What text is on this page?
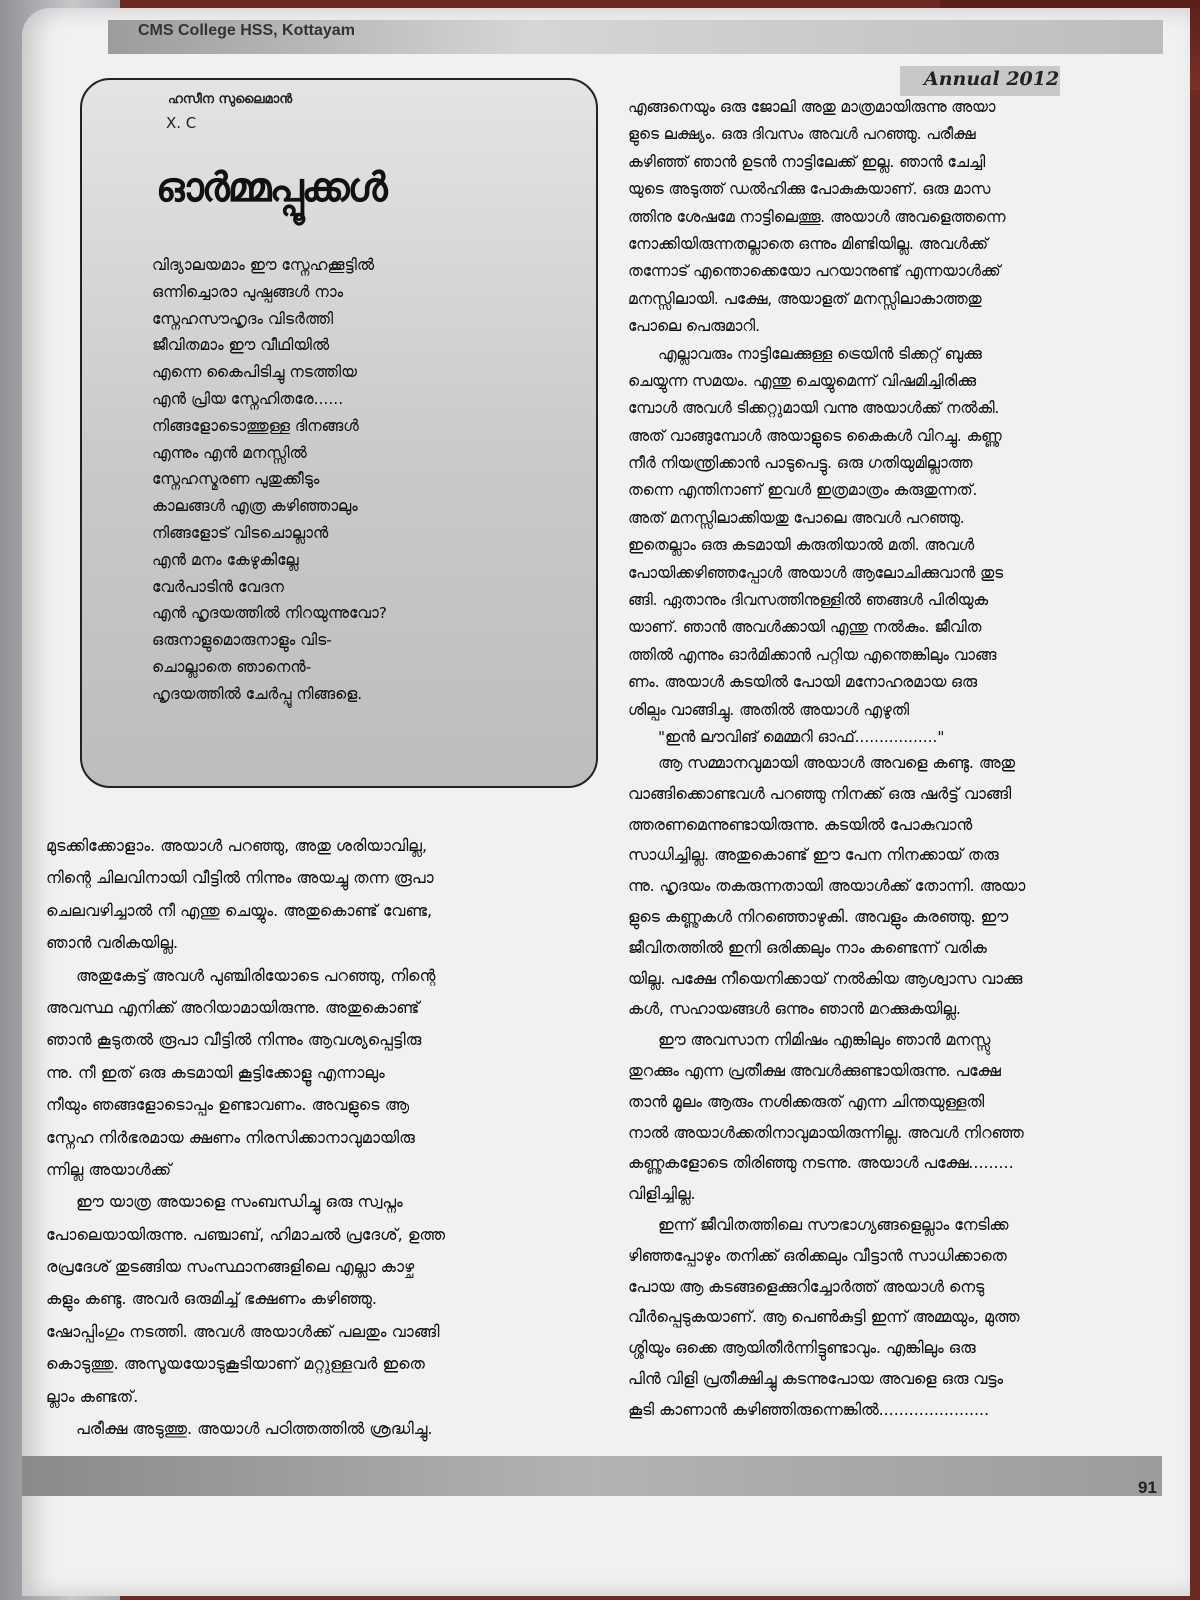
CMS College HSS, Kottayam
Annual 2012
ഹസീന സുലൈമാൻ
X. C
ഓർമ്മപ്പൂക്കൾ
വിദ്യാലയമാം ഈ സ്നേഹക്കൂട്ടിൽ
ഒന്നിച്ചൊരാ പുഷ്പങ്ങൾ നാം
സ്നേഹസൗഹൃദം വിടർത്തി
ജീവിതമാം ഈ വീഥിയിൽ
എന്നെ കൈപിടിച്ചു നടത്തിയ
എൻ പ്രിയ സ്നേഹിതരേ......
നിങ്ങളോടൊത്തുള്ള ദിനങ്ങൾ
എന്നും എൻ മനസ്സിൽ
സ്നേഹസ്മരണ പുതുക്കീടും
കാലങ്ങൾ എത്ര കഴിഞ്ഞാലും
നിങ്ങളോട് വിടചൊല്ലാൻ
എൻ മനം കേഴുകില്ലേ
വേർപാടിൻ വേദന
എൻ ഹൃദയത്തിൽ നിറയുന്നുവോ?
ഒരുനാളുമൊരുനാളും വിട-
ചൊല്ലാതെ ഞാനെൻ-
ഹൃദയത്തിൽ ചേർപ്പൂ നിങ്ങളെ.
എങ്ങനെയും ഒരു ജോലി അതു മാത്രമായിരുന്നു അയാ
ളുടെ ലക്ഷ്യം. ഒരു ദിവസം അവൾ പറഞ്ഞു. പരീക്ഷ
കഴിഞ്ഞ് ഞാൻ ഉടൻ നാട്ടിലേക്ക് ഇല്ല. ഞാൻ ചേച്ചി
യുടെ അടുത്ത് ഡൽഹിക്കു പോകുകയാണ്. ഒരു മാസ
ത്തിനു ശേഷമേ നാട്ടിലെത്തൂ. അയാൾ അവളെത്തന്നെ
നോക്കിയിരുന്നതല്ലാതെ ഒന്നും മിണ്ടിയില്ല. അവൾക്ക്
തന്നോട് എന്തൊക്കെയോ പറയാനുണ്ട് എന്നയാൾക്ക്
മനസ്സിലായി. പക്ഷേ, അയാളത് മനസ്സിലാകാത്തതു
പോലെ പെരുമാറി.
എല്ലാവരും നാട്ടിലേക്കുള്ള ട്രെയിൻ ടിക്കറ്റ് ബുക്കു
ചെയ്യുന്ന സമയം. എന്തു ചെയ്യുമെന്ന് വിഷമിച്ചിരിക്കു
മ്പോൾ അവൾ ടിക്കറ്റുമായി വന്നു അയാൾക്ക് നൽകി.
അത് വാങ്ങുമ്പോൾ അയാളുടെ കൈകൾ വിറച്ചു. കണ്ണു
നീർ നിയന്ത്രിക്കാൻ പാടുപെട്ടു. ഒരു ഗതിയുമില്ലാത്ത
തന്നെ എന്തിനാണ് ഇവൾ ഇത്രമാത്രം കരുതുന്നത്.
അത് മനസ്സിലാക്കിയതു പോലെ അവൾ പറഞ്ഞു.
ഇതെല്ലാം ഒരു കടമായി കരുതിയാൽ മതി. അവൾ
പോയിക്കഴിഞ്ഞപ്പോൾ അയാൾ ആലോചിക്കുവാൻ തുട
ങ്ങി. ഏതാനും ദിവസത്തിനുള്ളിൽ ഞങ്ങൾ പിരിയുക
യാണ്. ഞാൻ അവൾക്കായി എന്തു നൽകും. ജീവിത
ത്തിൽ എന്നും ഓർമിക്കാൻ പറ്റിയ എന്തെങ്കിലും വാങ്ങ
ണം. അയാൾ കടയിൽ പോയി മനോഹരമായ ഒരു
ശില്പം വാങ്ങിച്ചു. അതിൽ അയാൾ എഴുതി
"ഇൻ ലൗവിങ് മെമ്മറി ഓഫ്................."
ആ സമ്മാനവുമായി അയാൾ അവളെ കണ്ടു. അതു
വാങ്ങിക്കൊണ്ടവൾ പറഞ്ഞു നിനക്ക് ഒരു ഷർട്ട് വാങ്ങി
ത്തരണമെന്നുണ്ടായിരുന്നു. കടയിൽ പോകുവാൻ
സാധിച്ചില്ല. അതുകൊണ്ട് ഈ പേന നിനക്കായ് തരു
ന്നു. ഹൃദയം തകരുന്നതായി അയാൾക്ക് തോന്നി. അയാ
ളുടെ കണ്ണുകൾ നിറഞ്ഞൊഴുകി. അവളും കരഞ്ഞു. ഈ
ജീവിതത്തിൽ ഇനി ഒരിക്കലും നാം കണ്ടെന്ന് വരിക
യില്ല. പക്ഷേ നീയെനിക്കായ് നൽകിയ ആശ്വാസ വാക്കു
കൾ, സഹായങ്ങൾ ഒന്നും ഞാൻ മറക്കുകയില്ല.
ഈ അവസാന നിമിഷം എങ്കിലും ഞാൻ മനസ്സു
തുറക്കും എന്ന പ്രതീക്ഷ അവൾക്കുണ്ടായിരുന്നു. പക്ഷേ
താൻ മൂലം ആരും നശിക്കരുത് എന്ന ചിന്തയുള്ളതി
നാൽ അയാൾക്കതിനാവുമായിരുന്നില്ല. അവൾ നിറഞ്ഞ
കണ്ണുകളോടെ തിരിഞ്ഞു നടന്നു. അയാൾ പക്ഷേ.........
വിളിച്ചില്ല.
ഇന്ന് ജീവിതത്തിലെ സൗഭാഗ്യങ്ങളെല്ലാം നേടിക്ക
ഴിഞ്ഞപ്പോഴും തനിക്ക് ഒരിക്കലും വീട്ടാൻ സാധിക്കാതെ
പോയ ആ കടങ്ങളെക്കുറിച്ചോർത്ത് അയാൾ നെടു
വീർപ്പെടുകയാണ്. ആ പെൺകുട്ടി ഇന്ന് അമ്മയും, മുത്ത
ശ്ശിയും ഒക്കെ ആയിതീർന്നിട്ടുണ്ടാവും. എങ്കിലും ഒരു
പിൻ വിളി പ്രതീക്ഷിച്ചു കടന്നുപോയ അവളെ ഒരു വട്ടം
കൂടി കാണാൻ കഴിഞ്ഞിരുന്നെങ്കിൽ......................
മുടക്കിക്കോളാം. അയാൾ പറഞ്ഞു, അതു ശരിയാവില്ല,
നിന്റെ ചിലവിനായി വീട്ടിൽ നിന്നും അയച്ചു തന്ന രൂപാ
ചെലവഴിച്ചാൽ നീ എന്തു ചെയ്യും. അതുകൊണ്ട് വേണ്ട,
ഞാൻ വരികയില്ല.
അതുകേട്ട് അവൾ പുഞ്ചിരിയോടെ പറഞ്ഞു, നിന്റെ
അവസ്ഥ എനിക്ക് അറിയാമായിരുന്നു. അതുകൊണ്ട്
ഞാൻ കൂടുതൽ രൂപാ വീട്ടിൽ നിന്നും ആവശ്യപ്പെട്ടിരു
ന്നു. നീ ഇത് ഒരു കടമായി കൂട്ടിക്കോളൂ എന്നാലും
നീയും ഞങ്ങളോടൊപ്പം ഉണ്ടാവണം. അവളുടെ ആ
സ്നേഹ നിർഭരമായ ക്ഷണം നിരസിക്കാനാവുമായിരു
ന്നില്ല അയാൾക്ക്
ഈ യാത്ര അയാളെ സംബന്ധിച്ചു ഒരു സ്വപ്നം
പോലെയായിരുന്നു. പഞ്ചാബ്, ഹിമാചൽ പ്രദേശ്, ഉത്ത
രപ്രദേശ് തുടങ്ങിയ സംസ്ഥാനങ്ങളിലെ എല്ലാ കാഴ്ച
കളും കണ്ടു. അവർ ഒരുമിച്ച് ഭക്ഷണം കഴിഞ്ഞു.
ഷോപ്പിംഗും നടത്തി. അവൾ അയാൾക്ക് പലതും വാങ്ങി
കൊടുത്തു. അസൂയയോടുകൂടിയാണ് മറ്റുള്ളവർ ഇതെ
ല്ലാം കണ്ടത്.
പരീക്ഷ അടുത്തു. അയാൾ പഠിത്തത്തിൽ ശ്രദ്ധിച്ചു.
91
